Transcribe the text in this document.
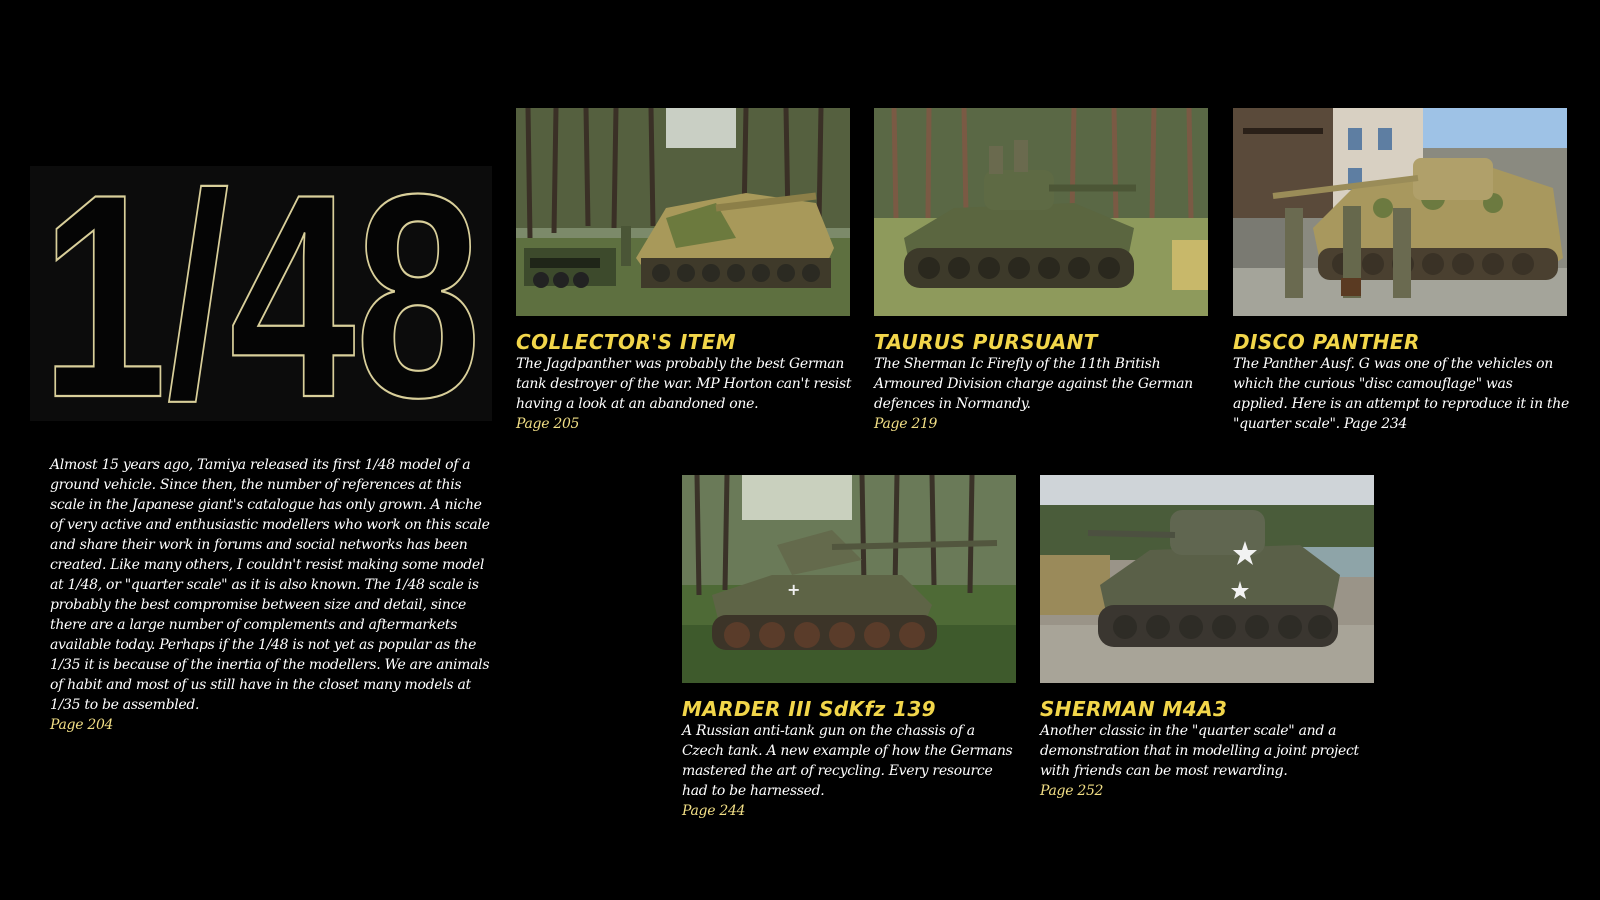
1/48
Almost 15 years ago, Tamiya released its first 1/48 model of a ground vehicle. Since then, the number of references at this scale in the Japanese giant's catalogue has only grown. A niche of very active and enthusiastic modellers who work on this scale and share their work in forums and social networks has been created. Like many others, I couldn't resist making some model at 1/48, or "quarter scale" as it is also known. The 1/48 scale is probably the best compromise between size and detail, since there are a large number of complements and aftermarkets available today. Perhaps if the 1/48 is not yet as popular as the 1/35 it is because of the inertia of the modellers. We are animals of habit and most of us still have in the closet many models at 1/35 to be assembled.
Page 204
COLLECTOR'S ITEM

The Jagdpanther was probably the best German tank destroyer of the war. MP Horton can't resist having a look at an abandoned one.
Page 205

TAURUS PURSUANT

The Sherman Ic Firefly of the 11th British Armoured Division charge against the German defences in Normandy.
Page 219

DISCO PANTHER

The Panther Ausf. G was one of the vehicles on which the curious "disc camouflage" was applied. Here is an attempt to reproduce it in the "quarter scale". Page 234

+
MARDER III SdKfz 139

A Russian anti-tank gun on the chassis of a Czech tank. A new example of how the Germans mastered the art of recycling. Every resource had to be harnessed.
Page 244

SHERMAN M4A3

Another classic in the "quarter scale" and a demonstration that in modelling a joint project with friends can be most rewarding.
Page 252
